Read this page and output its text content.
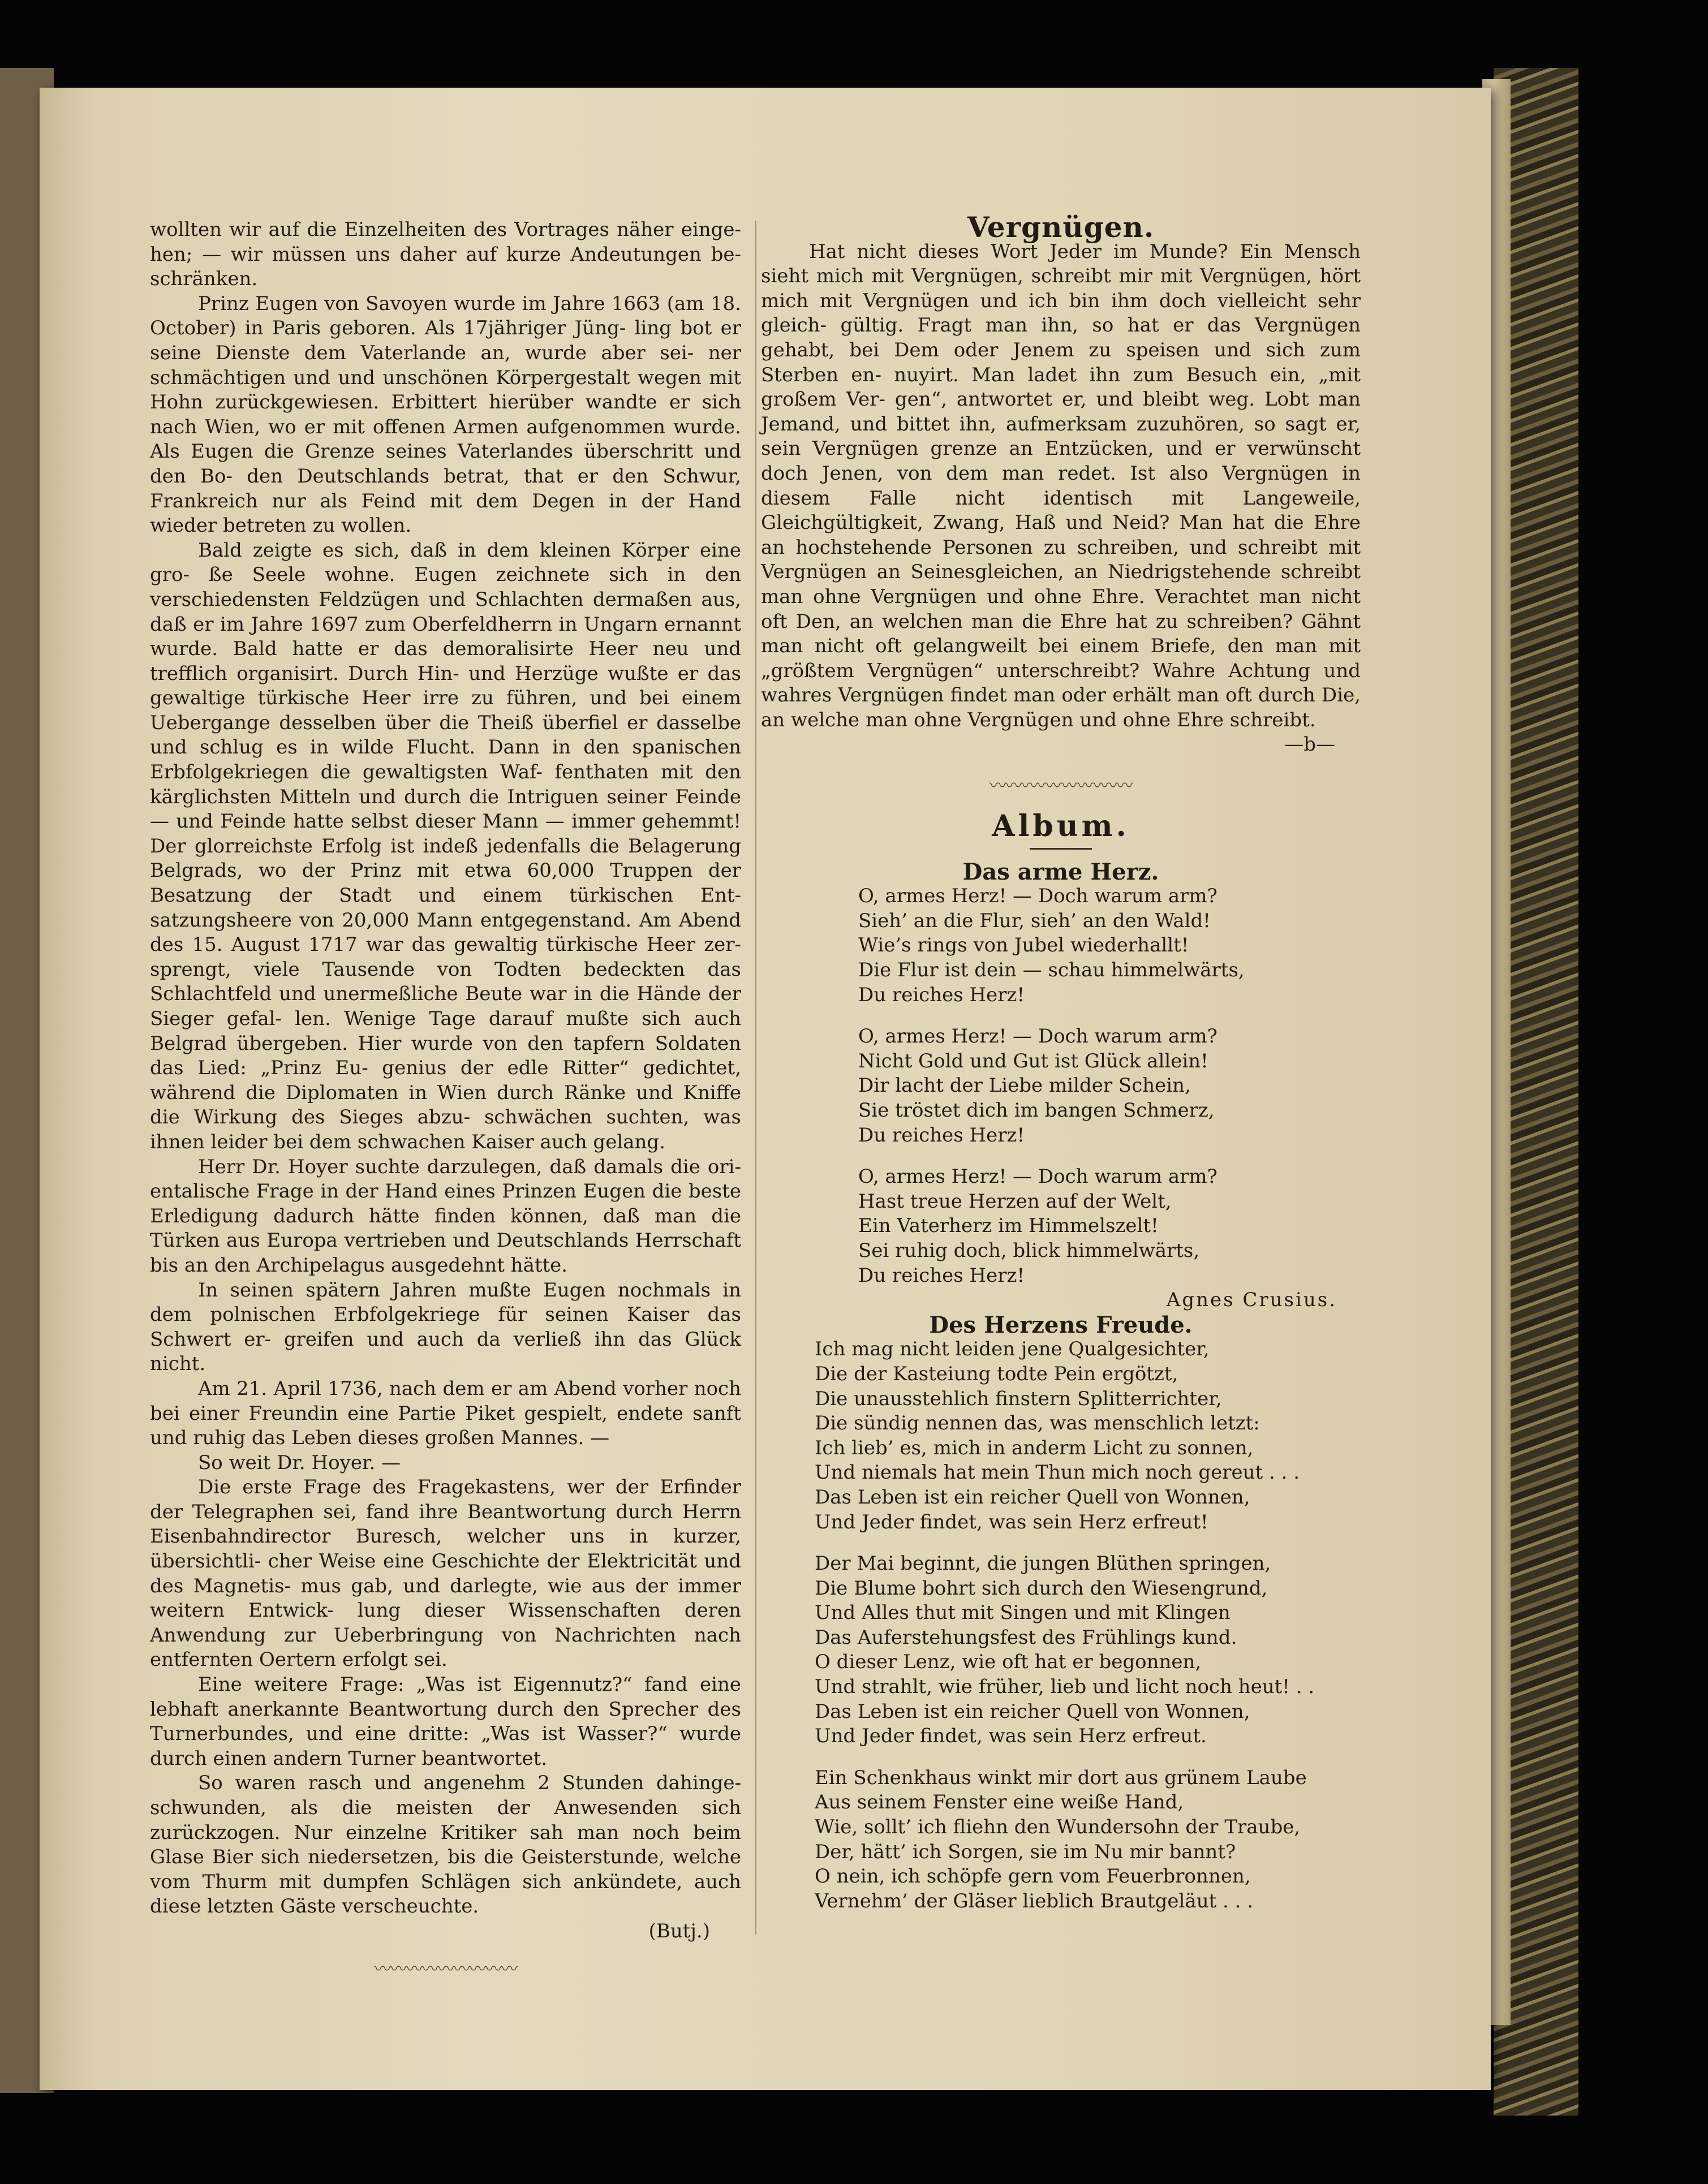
wollten wir auf die Einzelheiten des Vortrages näher einge- hen; — wir müssen uns daher auf kurze Andeutungen be- schränken.

Prinz Eugen von Savoyen wurde im Jahre 1663 (am 18. October) in Paris geboren. Als 17jähriger Jüng- ling bot er seine Dienste dem Vaterlande an, wurde aber sei- ner schmächtigen und und unschönen Körpergestalt wegen mit Hohn zurückgewiesen. Erbittert hierüber wandte er sich nach Wien, wo er mit offenen Armen aufgenommen wurde. Als Eugen die Grenze seines Vaterlandes überschritt und den Bo- den Deutschlands betrat, that er den Schwur, Frankreich nur als Feind mit dem Degen in der Hand wieder betreten zu wollen.

Bald zeigte es sich, daß in dem kleinen Körper eine gro- ße Seele wohne. Eugen zeichnete sich in den verschiedensten Feldzügen und Schlachten dermaßen aus, daß er im Jahre 1697 zum Oberfeldherrn in Ungarn ernannt wurde. Bald hatte er das demoralisirte Heer neu und trefflich organisirt. Durch Hin- und Herzüge wußte er das gewaltige türkische Heer irre zu führen, und bei einem Uebergange desselben über die Theiß überfiel er dasselbe und schlug es in wilde Flucht. Dann in den spanischen Erbfolgekriegen die gewaltigsten Waf- fenthaten mit den kärglichsten Mitteln und durch die Intriguen seiner Feinde — und Feinde hatte selbst dieser Mann — immer gehemmt! Der glorreichste Erfolg ist indeß jedenfalls die Belagerung Belgrads, wo der Prinz mit etwa 60,000 Truppen der Besatzung der Stadt und einem türkischen Ent- satzungsheere von 20,000 Mann entgegenstand. Am Abend des 15. August 1717 war das gewaltig türkische Heer zer- sprengt, viele Tausende von Todten bedeckten das Schlachtfeld und unermeßliche Beute war in die Hände der Sieger gefal- len. Wenige Tage darauf mußte sich auch Belgrad übergeben. Hier wurde von den tapfern Soldaten das Lied: „Prinz Eu- genius der edle Ritter“ gedichtet, während die Diplomaten in Wien durch Ränke und Kniffe die Wirkung des Sieges abzu- schwächen suchten, was ihnen leider bei dem schwachen Kaiser auch gelang.

Herr Dr. Hoyer suchte darzulegen, daß damals die ori- entalische Frage in der Hand eines Prinzen Eugen die beste Erledigung dadurch hätte finden können, daß man die Türken aus Europa vertrieben und Deutschlands Herrschaft bis an den Archipelagus ausgedehnt hätte.

In seinen spätern Jahren mußte Eugen nochmals in dem polnischen Erbfolgekriege für seinen Kaiser das Schwert er- greifen und auch da verließ ihn das Glück nicht.

Am 21. April 1736, nach dem er am Abend vorher noch bei einer Freundin eine Partie Piket gespielt, endete sanft und ruhig das Leben dieses großen Mannes. —

So weit Dr. Hoyer. —

Die erste Frage des Fragekastens, wer der Erfinder der Telegraphen sei, fand ihre Beantwortung durch Herrn Eisenbahndirector Buresch, welcher uns in kurzer, übersichtli- cher Weise eine Geschichte der Elektricität und des Magnetis- mus gab, und darlegte, wie aus der immer weitern Entwick- lung dieser Wissenschaften deren Anwendung zur Ueberbringung von Nachrichten nach entfernten Oertern erfolgt sei.

Eine weitere Frage: „Was ist Eigennutz?“ fand eine lebhaft anerkannte Beantwortung durch den Sprecher des Turnerbundes, und eine dritte: „Was ist Wasser?“ wurde durch einen andern Turner beantwortet.

So waren rasch und angenehm 2 Stunden dahinge- schwunden, als die meisten der Anwesenden sich zurückzogen. Nur einzelne Kritiker sah man noch beim Glase Bier sich niedersetzen, bis die Geisterstunde, welche vom Thurm mit dumpfen Schlägen sich ankündete, auch diese letzten Gäste verscheuchte.

(Butj.)

〰〰〰〰〰〰〰〰〰

Vergnügen.

Hat nicht dieses Wort Jeder im Munde? Ein Mensch sieht mich mit Vergnügen, schreibt mir mit Vergnügen, hört mich mit Vergnügen und ich bin ihm doch vielleicht sehr gleich- gültig. Fragt man ihn, so hat er das Vergnügen gehabt, bei Dem oder Jenem zu speisen und sich zum Sterben en- nuyirt. Man ladet ihn zum Besuch ein, „mit großem Ver- gen“, antwortet er, und bleibt weg. Lobt man Jemand, und bittet ihn, aufmerksam zuzuhören, so sagt er, sein Vergnügen grenze an Entzücken, und er verwünscht doch Jenen, von dem man redet. Ist also Vergnügen in diesem Falle nicht identisch mit Langeweile, Gleichgültigkeit, Zwang, Haß und Neid? Man hat die Ehre an hochstehende Personen zu schreiben, und schreibt mit Vergnügen an Seinesgleichen, an Niedrigstehende schreibt man ohne Vergnügen und ohne Ehre. Verachtet man nicht oft Den, an welchen man die Ehre hat zu schreiben? Gähnt man nicht oft gelangweilt bei einem Briefe, den man mit „größtem Vergnügen“ unterschreibt? Wahre Achtung und wahres Vergnügen findet man oder erhält man oft durch Die, an welche man ohne Vergnügen und ohne Ehre schreibt.

—b—

〰〰〰〰〰〰〰〰〰

Album.

Das arme Herz.

O, armes Herz! — Doch warum arm?

Sieh’ an die Flur, sieh’ an den Wald!

Wie’s rings von Jubel wiederhallt!

Die Flur ist dein — schau himmelwärts,

Du reiches Herz!

O, armes Herz! — Doch warum arm?

Nicht Gold und Gut ist Glück allein!

Dir lacht der Liebe milder Schein,

Sie tröstet dich im bangen Schmerz,

Du reiches Herz!

O, armes Herz! — Doch warum arm?

Hast treue Herzen auf der Welt,

Ein Vaterherz im Himmelszelt!

Sei ruhig doch, blick himmelwärts,

Du reiches Herz!

Agnes Crusius.

Des Herzens Freude.

Ich mag nicht leiden jene Qualgesichter,

Die der Kasteiung todte Pein ergötzt,

Die unausstehlich finstern Splitterrichter,

Die sündig nennen das, was menschlich letzt:

Ich lieb’ es, mich in anderm Licht zu sonnen,

Und niemals hat mein Thun mich noch gereut . . .

Das Leben ist ein reicher Quell von Wonnen,

Und Jeder findet, was sein Herz erfreut!

Der Mai beginnt, die jungen Blüthen springen,

Die Blume bohrt sich durch den Wiesengrund,

Und Alles thut mit Singen und mit Klingen

Das Auferstehungsfest des Frühlings kund.

O dieser Lenz, wie oft hat er begonnen,

Und strahlt, wie früher, lieb und licht noch heut! . .

Das Leben ist ein reicher Quell von Wonnen,

Und Jeder findet, was sein Herz erfreut.

Ein Schenkhaus winkt mir dort aus grünem Laube

Aus seinem Fenster eine weiße Hand,

Wie, sollt’ ich fliehn den Wundersohn der Traube,

Der, hätt’ ich Sorgen, sie im Nu mir bannt?

O nein, ich schöpfe gern vom Feuerbronnen,

Vernehm’ der Gläser lieblich Brautgeläut . . .
